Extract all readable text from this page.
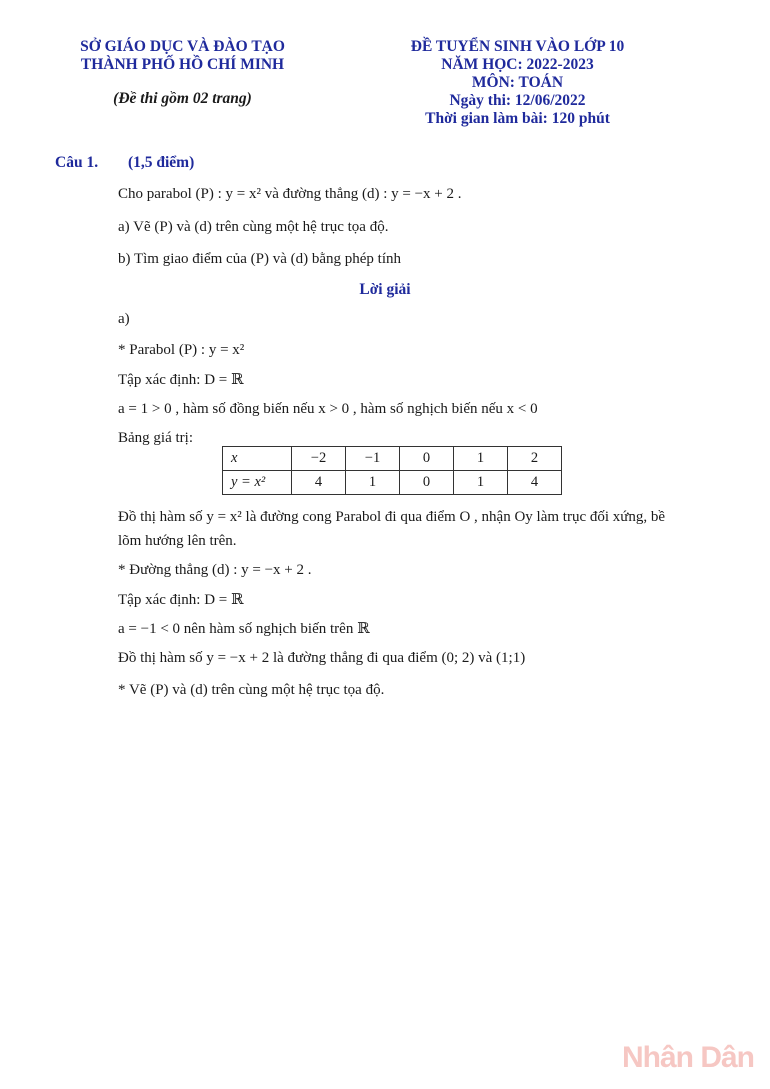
SỞ GIÁO DỤC VÀ ĐÀO TẠO
THÀNH PHỐ HỒ CHÍ MINH
(Đề thi gồm 02 trang)
ĐỀ TUYỂN SINH VÀO LỚP 10
NĂM HỌC: 2022-2023
MÔN: TOÁN
Ngày thi: 12/06/2022
Thời gian làm bài: 120 phút
Câu 1. (1,5 điểm)
Cho parabol (P) : y = x² và đường thẳng (d) : y = −x + 2 .
a) Vẽ (P) và (d) trên cùng một hệ trục tọa độ.
b) Tìm giao điểm của (P) và (d) bằng phép tính
Lời giải
a)
* Parabol (P) : y = x²
Tập xác định: D = ℝ
a = 1 > 0 , hàm số đồng biến nếu x > 0 , hàm số nghịch biến nếu x < 0
Bảng giá trị:
x	−2	−1	0	1	2
y = x²	4	1	0	1	4
Đồ thị hàm số y = x² là đường cong Parabol đi qua điểm O , nhận Oy làm trục đối xứng, bề
lõm hướng lên trên.
* Đường thẳng (d) : y = −x + 2 .
Tập xác định: D = ℝ
a = −1 < 0 nên hàm số nghịch biến trên ℝ
Đồ thị hàm số y = −x + 2 là đường thẳng đi qua điểm (0; 2) và (1;1)
* Vẽ (P) và (d) trên cùng một hệ trục tọa độ.
Nhân Dân
